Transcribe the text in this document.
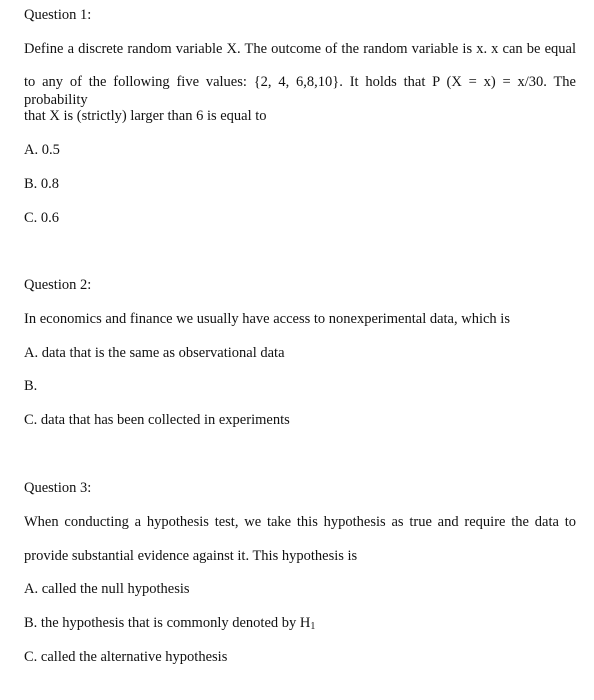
Question 1:
Define a discrete random variable X. The outcome of the random variable is x. x can be equal
to any of the following five values: {2, 4, 6,8,10}. It holds that P (X = x) = x/30. The probability
that X is (strictly) larger than 6 is equal to
A. 0.5
B. 0.8
C. 0.6
Question 2:
In economics and finance we usually have access to nonexperimental data, which is
A. data that is the same as observational data
B.
C. data that has been collected in experiments
Question 3:
When conducting a hypothesis test, we take this hypothesis as true and require the data to
provide substantial evidence against it. This hypothesis is
A. called the null hypothesis
B. the hypothesis that is commonly denoted by $H_1$
C. called the alternative hypothesis
